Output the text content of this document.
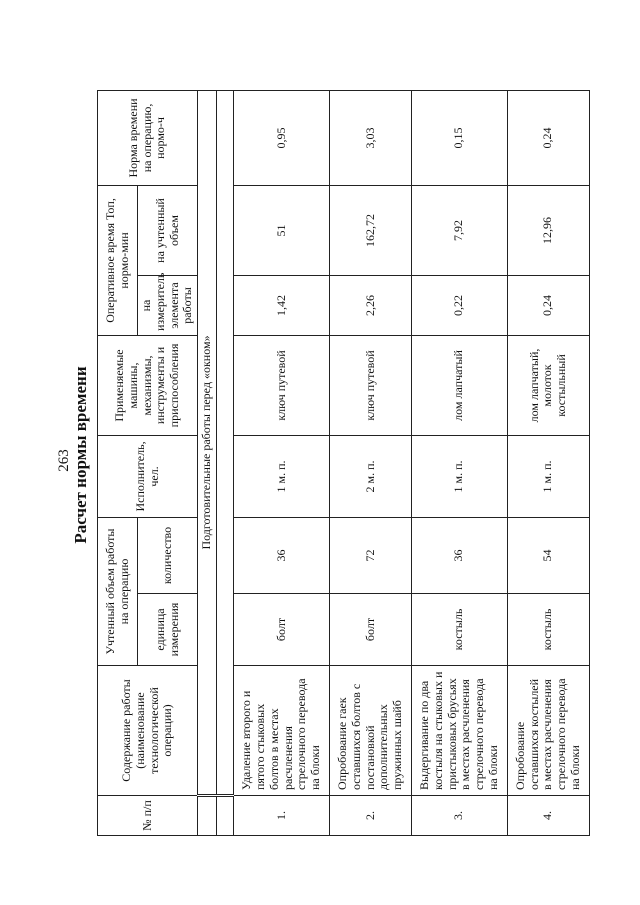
263 Расчет нормы времени
№ п/п	Содержание работы (наименование технологической операции)	Учтенный объем работы на операцию		Исполнитель, чел.	Применяемые машины, механизмы, инструменты и приспособления	Оперативное время Топ, нормо-мин		Норма времени на операцию, нормо-ч
		единица измерения	количество			на измеритель элемента работы	на учтенный объем	
	Подготовительные работы перед «окном»							

1.	Удаление второго и пятого стыковых болтов в местах расчленения стрелочного перевода на блоки	болт	36	1 м. п.	ключ путевой	1,42	51	0,95
2.	Опробование гаек оставшихся болтов с постановкой дополнительных пружинных шайб	болт	72	2 м. п.	ключ путевой	2,26	162,72	3,03
3.	Выдергивание по два костыля на стыковых и пристыковых брусьях в местах расчленения стрелочного перевода на блоки	костыль	36	1 м. п.	лом лапчатый	0,22	7,92	0,15
4.	Опробование оставшихся костылей в местах расчленения стрелочного перевода на блоки	костыль	54	1 м. п.	лом лапчатый, молоток костыльный	0,24	12,96	0,24
